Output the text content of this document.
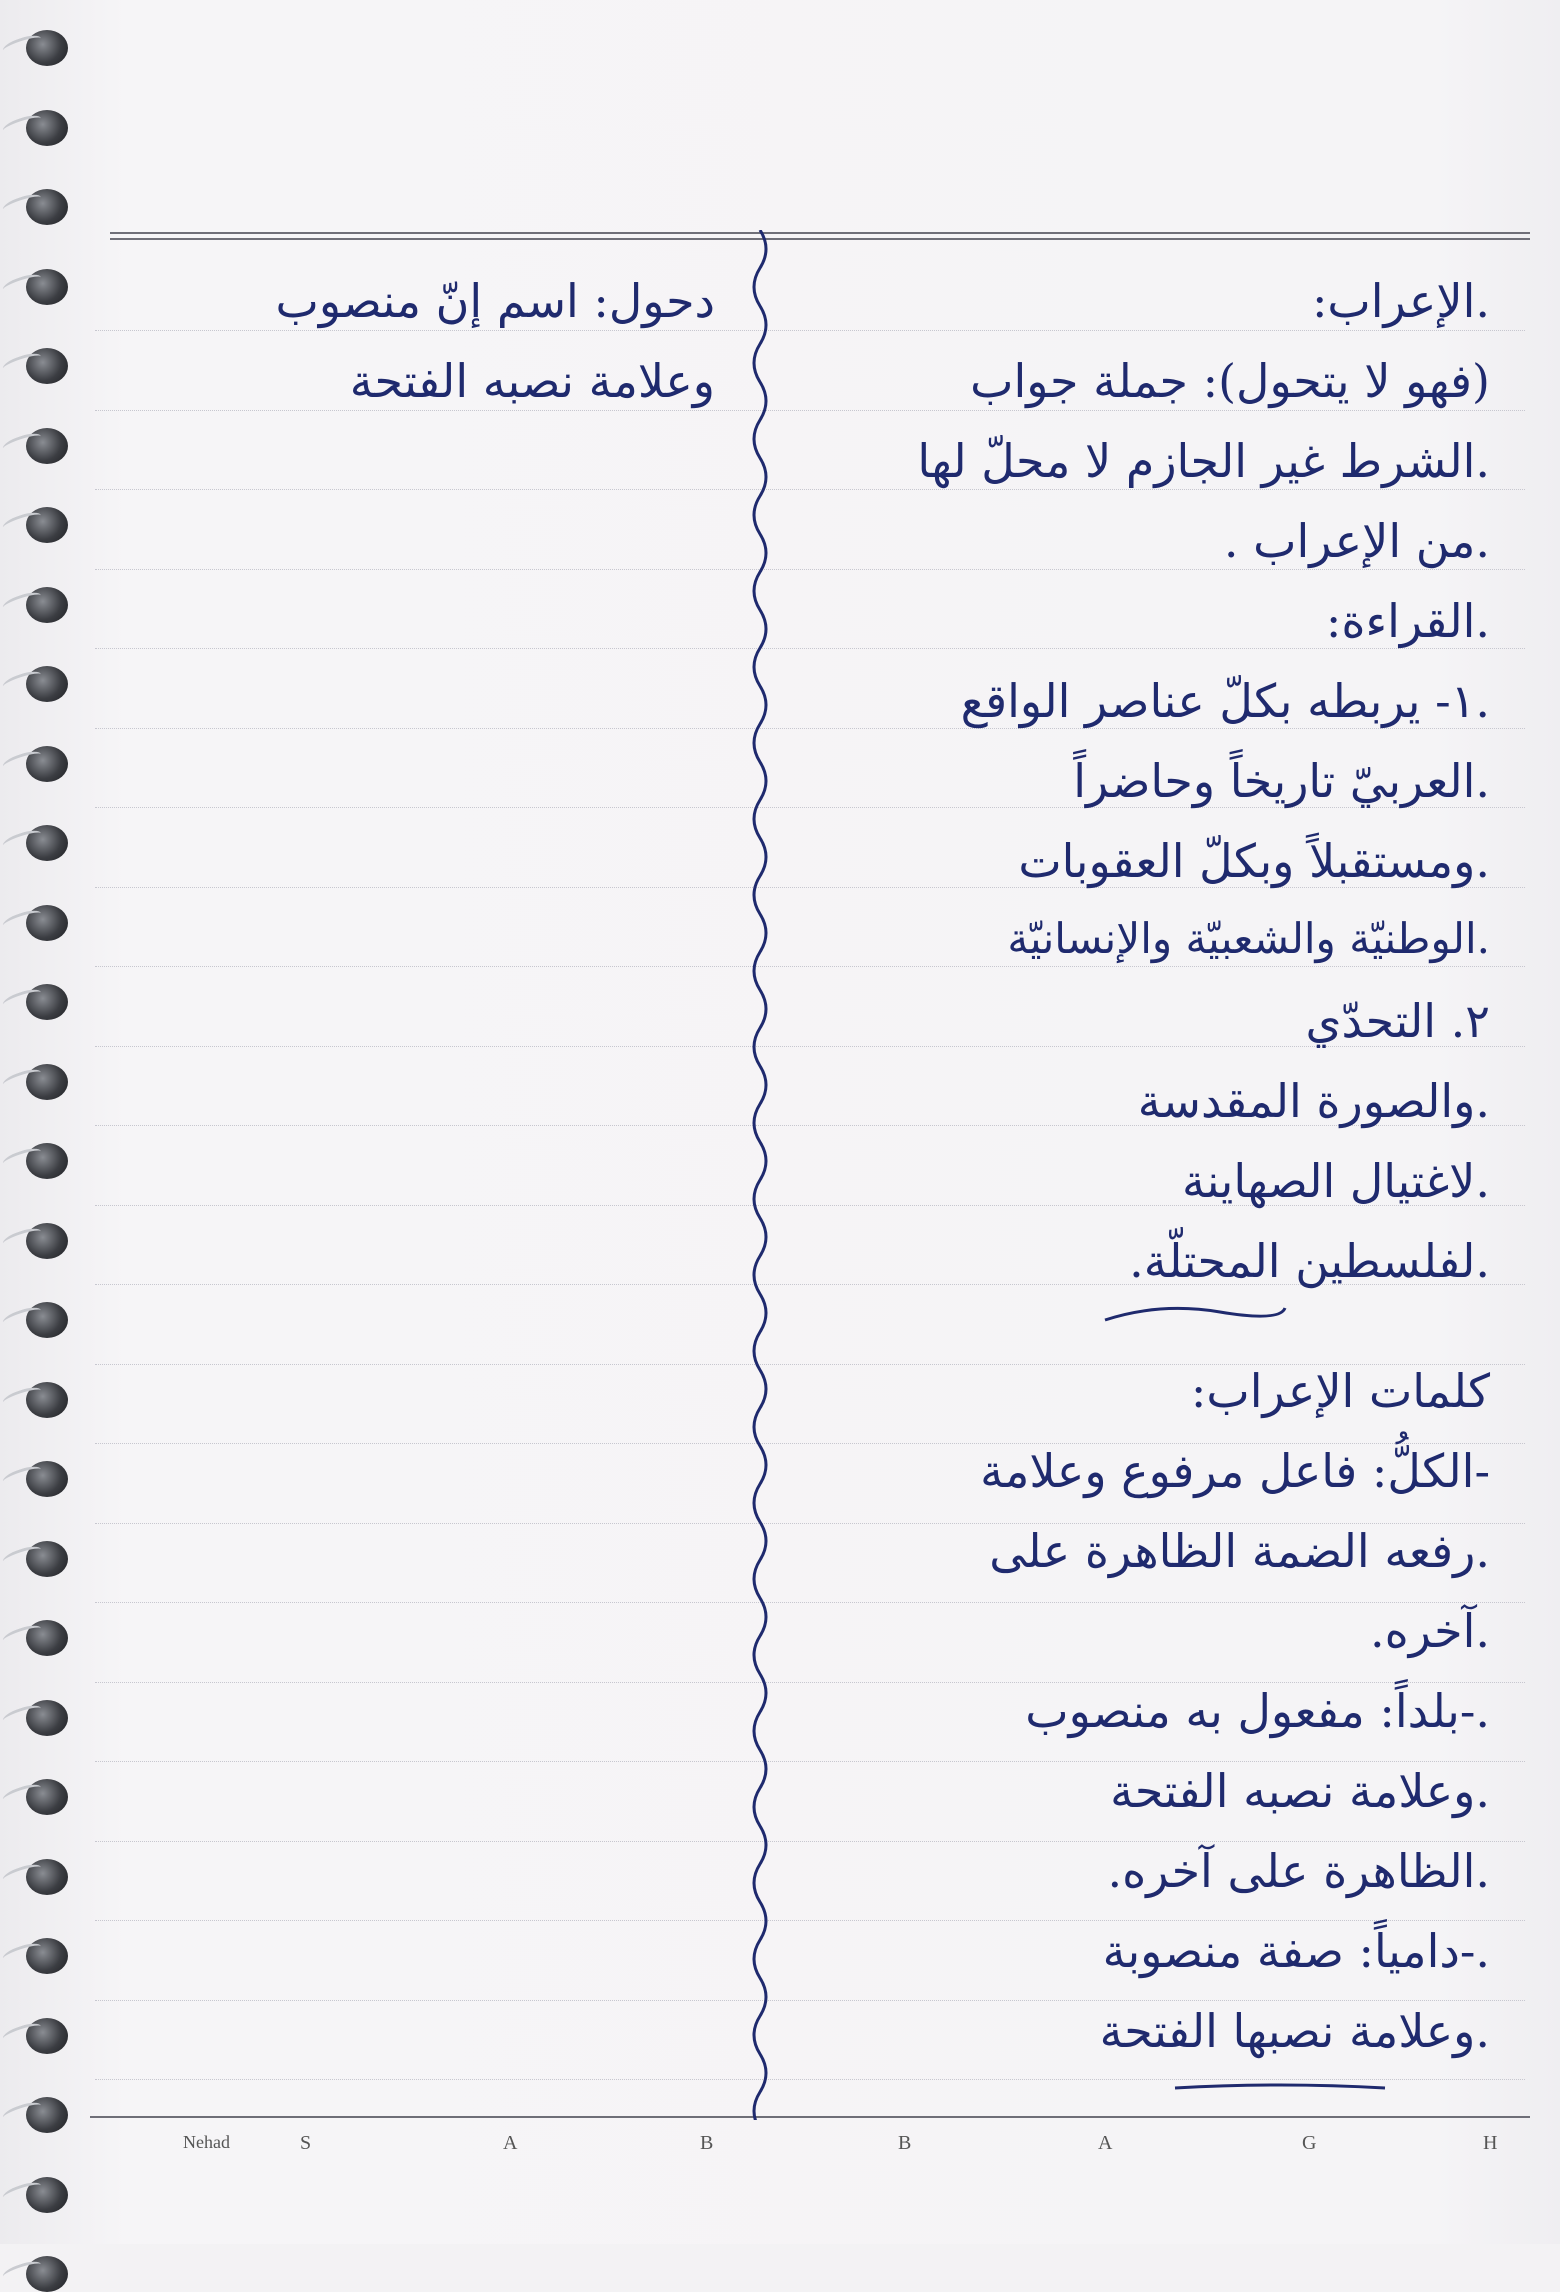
دحول: اسم إنّ منصوب
وعلامة نصبه الفتحة
.الإعراب:
(فهو لا يتحول): جملة جواب
.الشرط غير الجازم لا محلّ لها
.من الإعراب .
.القراءة:
.١- يربطه بكلّ عناصر الواقع
.العربيّ تاريخاً وحاضراً
.ومستقبلاً وبكلّ العقوبات
.الوطنيّة والشعبيّة والإنسانيّة
٢. التحدّي
.والصورة المقدسة
.لاغتيال الصهاينة
.لفلسطين المحتلّة.
كلمات الإعراب:
-الكلُّ: فاعل مرفوع وعلامة
.رفعه الضمة الظاهرة على
.آخره.
.-بلداً: مفعول به منصوب
.وعلامة نصبه الفتحة
.الظاهرة على آخره.
.-دامياً: صفة منصوبة
.وعلامة نصبها الفتحة
Nehad	S	A	B	B	A	G	H
